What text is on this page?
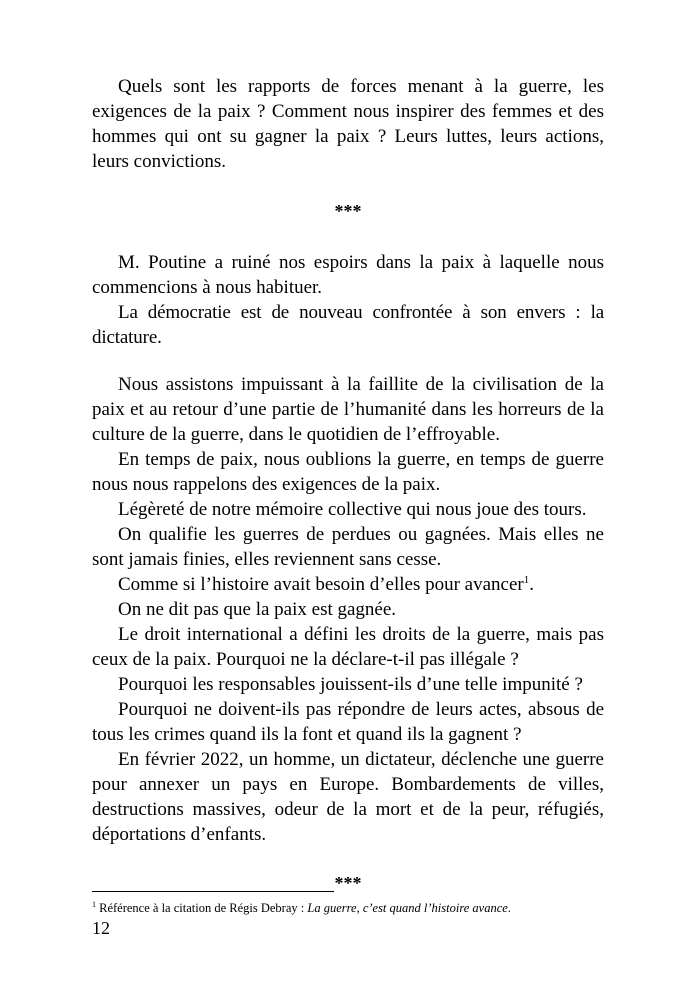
Quels sont les rapports de forces menant à la guerre, les exigences de la paix ? Comment nous inspirer des femmes et des hommes qui ont su gagner la paix ? Leurs luttes, leurs actions, leurs convictions.

***

M. Poutine a ruiné nos espoirs dans la paix à laquelle nous commencions à nous habituer.

La démocratie est de nouveau confrontée à son envers : la dictature.

Nous assistons impuissant à la faillite de la civilisation de la paix et au retour d’une partie de l’humanité dans les horreurs de la culture de la guerre, dans le quotidien de l’effroyable.

En temps de paix, nous oublions la guerre, en temps de guerre nous nous rappelons des exigences de la paix.

Légèreté de notre mémoire collective qui nous joue des tours.

On qualifie les guerres de perdues ou gagnées. Mais elles ne sont jamais finies, elles reviennent sans cesse.

Comme si l’histoire avait besoin d’elles pour avancer$^1$.

On ne dit pas que la paix est gagnée.

Le droit international a défini les droits de la guerre, mais pas ceux de la paix. Pourquoi ne la déclare-t-il pas illégale ?

Pourquoi les responsables jouissent-ils d’une telle impunité ?

Pourquoi ne doivent-ils pas répondre de leurs actes, absous de tous les crimes quand ils la font et quand ils la gagnent ?

En février 2022, un homme, un dictateur, déclenche une guerre pour annexer un pays en Europe. Bombardements de villes, destructions massives, odeur de la mort et de la peur, réfugiés, déportations d’enfants.

***

$^1$ Référence à la citation de Régis Debray : La guerre, c’est quand l’histoire avance.
12
